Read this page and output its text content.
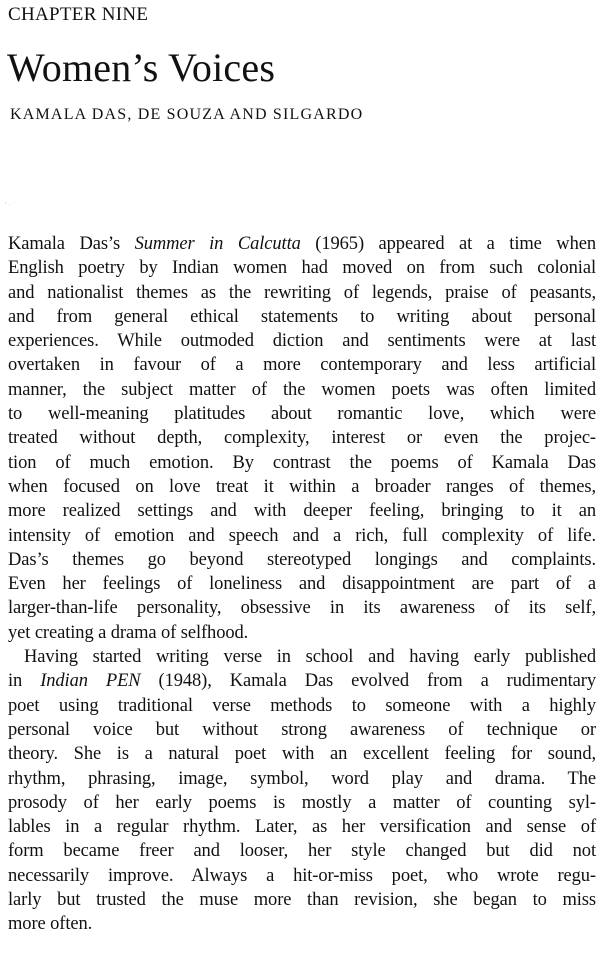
CHAPTER NINE
Women’s Voices
KAMALA DAS, DE SOUZA AND SILGARDO
Kamala Das’s Summer in Calcutta (1965) appeared at a time when
English poetry by Indian women had moved on from such colonial
and nationalist themes as the rewriting of legends, praise of peasants,
and from general ethical statements to writing about personal
experiences. While outmoded diction and sentiments were at last
overtaken in favour of a more contemporary and less artificial
manner, the subject matter of the women poets was often limited
to well-meaning platitudes about romantic love, which were
treated without depth, complexity, interest or even the projec-
tion of much emotion. By contrast the poems of Kamala Das
when focused on love treat it within a broader ranges of themes,
more realized settings and with deeper feeling, bringing to it an
intensity of emotion and speech and a rich, full complexity of life.
Das’s themes go beyond stereotyped longings and complaints.
Even her feelings of loneliness and disappointment are part of a
larger-than-life personality, obsessive in its awareness of its self,
yet creating a drama of selfhood.
Having started writing verse in school and having early published
in Indian PEN (1948), Kamala Das evolved from a rudimentary
poet using traditional verse methods to someone with a highly
personal voice but without strong awareness of technique or
theory. She is a natural poet with an excellent feeling for sound,
rhythm, phrasing, image, symbol, word play and drama. The
prosody of her early poems is mostly a matter of counting syl-
lables in a regular rhythm. Later, as her versification and sense of
form became freer and looser, her style changed but did not
necessarily improve. Always a hit-or-miss poet, who wrote regu-
larly but trusted the muse more than revision, she began to miss
more often.
